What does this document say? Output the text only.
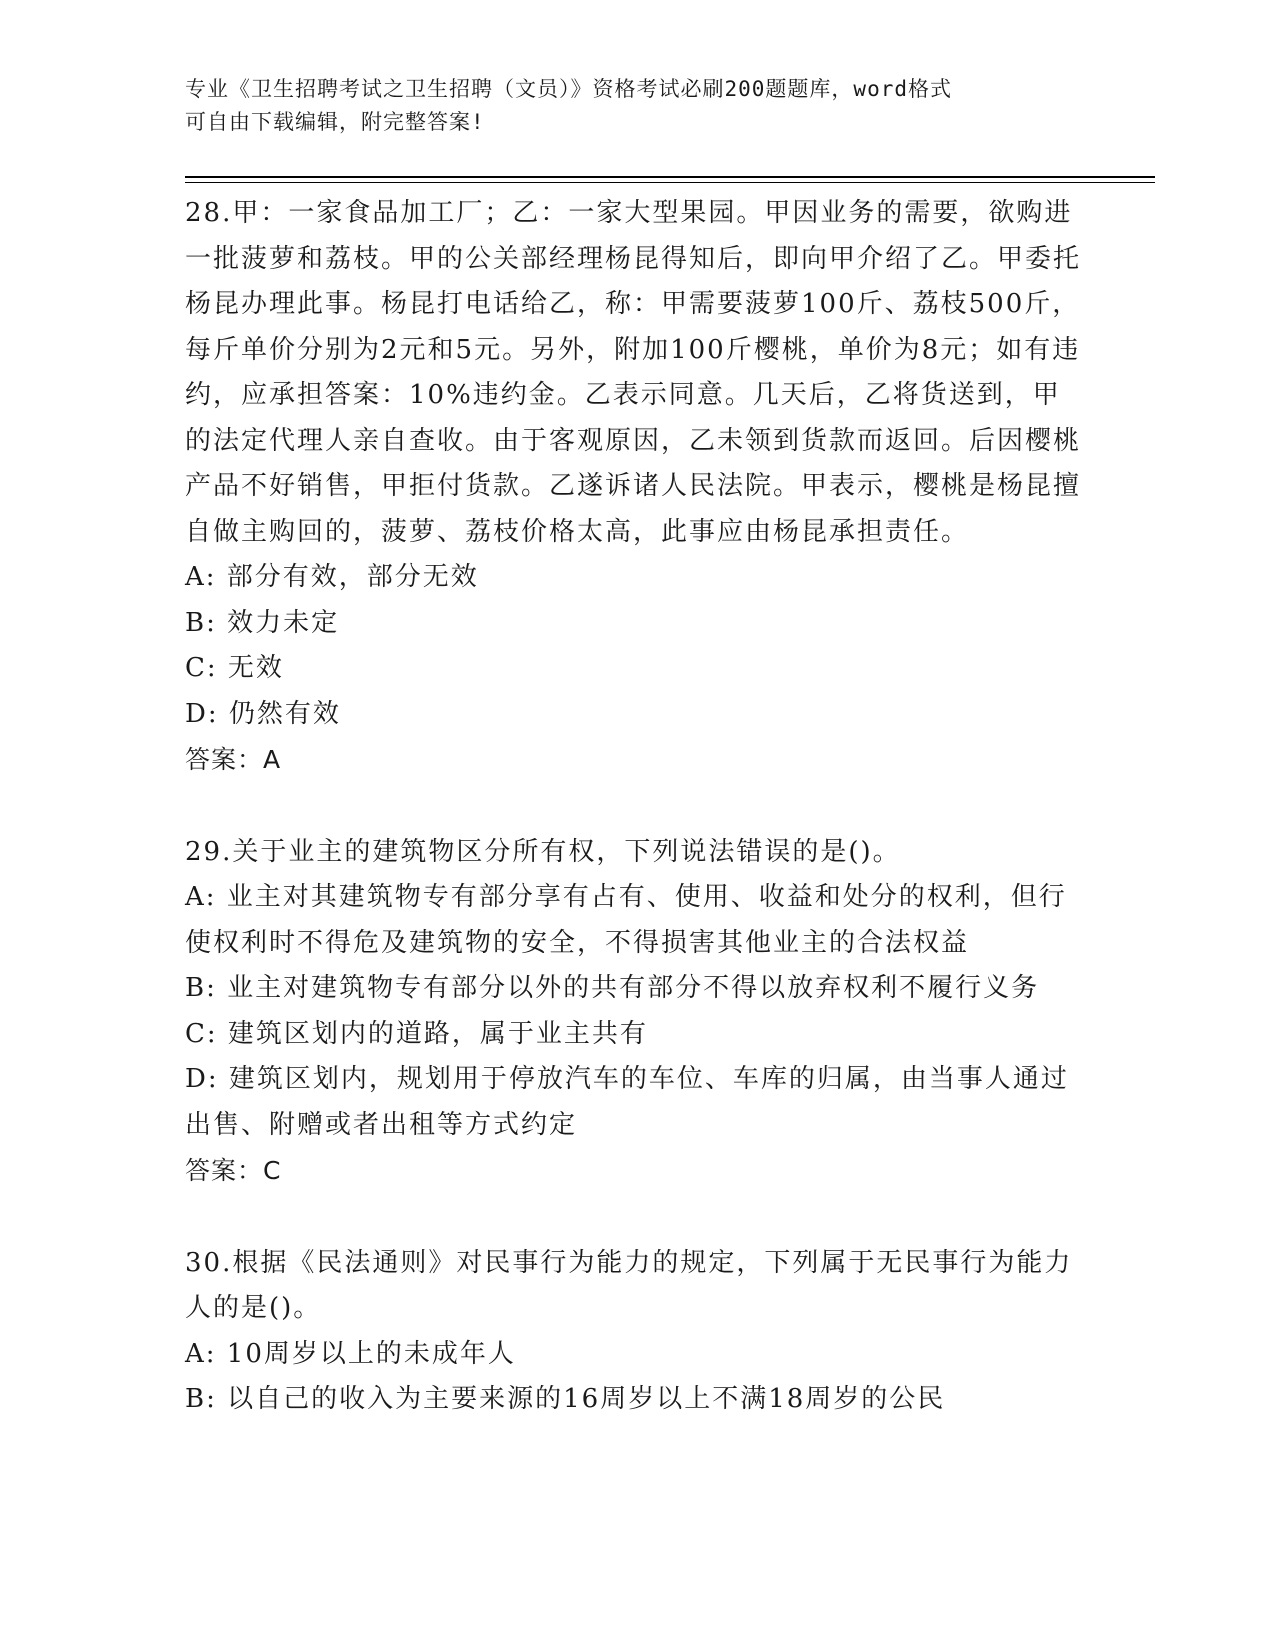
专业《卫生招聘考试之卫生招聘（文员）》资格考试必刷200题题库，word格式
可自由下载编辑，附完整答案!

28.甲：一家食品加工厂；乙：一家大型果园。甲因业务的需要，欲购进一批菠萝和荔枝。甲的公关部经理杨昆得知后，即向甲介绍了乙。甲委托杨昆办理此事。杨昆打电话给乙，称：甲需要菠萝100斤、荔枝500斤，每斤单价分别为2元和5元。另外，附加100斤樱桃，单价为8元；如有违约，应承担答案：10%违约金。乙表示同意。几天后，乙将货送到，甲的法定代理人亲自查收。由于客观原因，乙未领到货款而返回。后因樱桃产品不好销售，甲拒付货款。乙遂诉诸人民法院。甲表示，樱桃是杨昆擅自做主购回的，菠萝、荔枝价格太高，此事应由杨昆承担责任。

A: 部分有效，部分无效

B: 效力未定

C: 无效

D: 仍然有效

答案：A

29.关于业主的建筑物区分所有权，下列说法错误的是()。

A: 业主对其建筑物专有部分享有占有、使用、收益和处分的权利，但行使权利时不得危及建筑物的安全，不得损害其他业主的合法权益

B: 业主对建筑物专有部分以外的共有部分不得以放弃权利不履行义务

C: 建筑区划内的道路，属于业主共有

D: 建筑区划内，规划用于停放汽车的车位、车库的归属，由当事人通过出售、附赠或者出租等方式约定

答案：C

30.根据《民法通则》对民事行为能力的规定，下列属于无民事行为能力人的是()。

A: 10周岁以上的未成年人

B: 以自己的收入为主要来源的16周岁以上不满18周岁的公民
